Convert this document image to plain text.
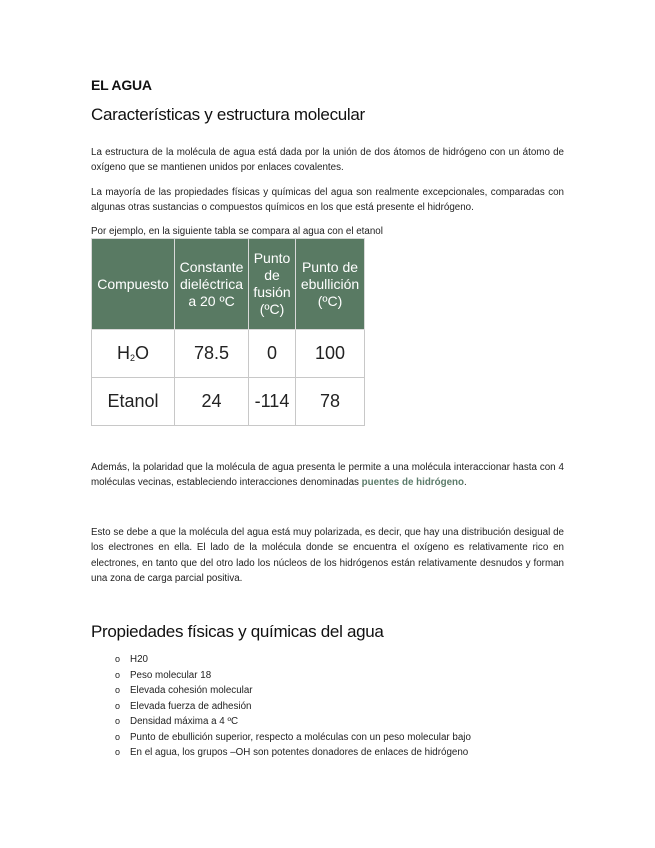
EL AGUA
Características y estructura molecular

La estructura de la molécula de agua está dada por la unión de dos átomos de hidrógeno con un átomo de oxígeno que se mantienen unidos por enlaces covalentes.

La mayoría de las propiedades físicas y químicas del agua son realmente excepcionales, comparadas con algunas otras sustancias o compuestos químicos en los que está presente el hidrógeno.

Por ejemplo, en la siguiente tabla se compara al agua con el etanol

Compuesto	Constante dieléctrica a 20 ºC	Punto de fusión (ºC)	Punto de ebullición (ºC)
$H_2O$	78.5	0	100
Etanol	24	-114	78

Además, la polaridad que la molécula de agua presenta le permite a una molécula interaccionar hasta con 4 moléculas vecinas, estableciendo interacciones denominadas puentes de hidrógeno.

Esto se debe a que la molécula del agua está muy polarizada, es decir, que hay una distribución desigual de los electrones en ella. El lado de la molécula donde se encuentra el oxígeno es relativamente rico en electrones, en tanto que del otro lado los núcleos de los hidrógenos están relativamente desnudos y forman una zona de carga parcial positiva.

Propiedades físicas y químicas del agua
o H20
o Peso molecular 18
o Elevada cohesión molecular
o Elevada fuerza de adhesión
o Densidad máxima a 4 ºC
o Punto de ebullición superior, respecto a moléculas con un peso molecular bajo
o En el agua, los grupos –OH son potentes donadores de enlaces de hidrógeno
